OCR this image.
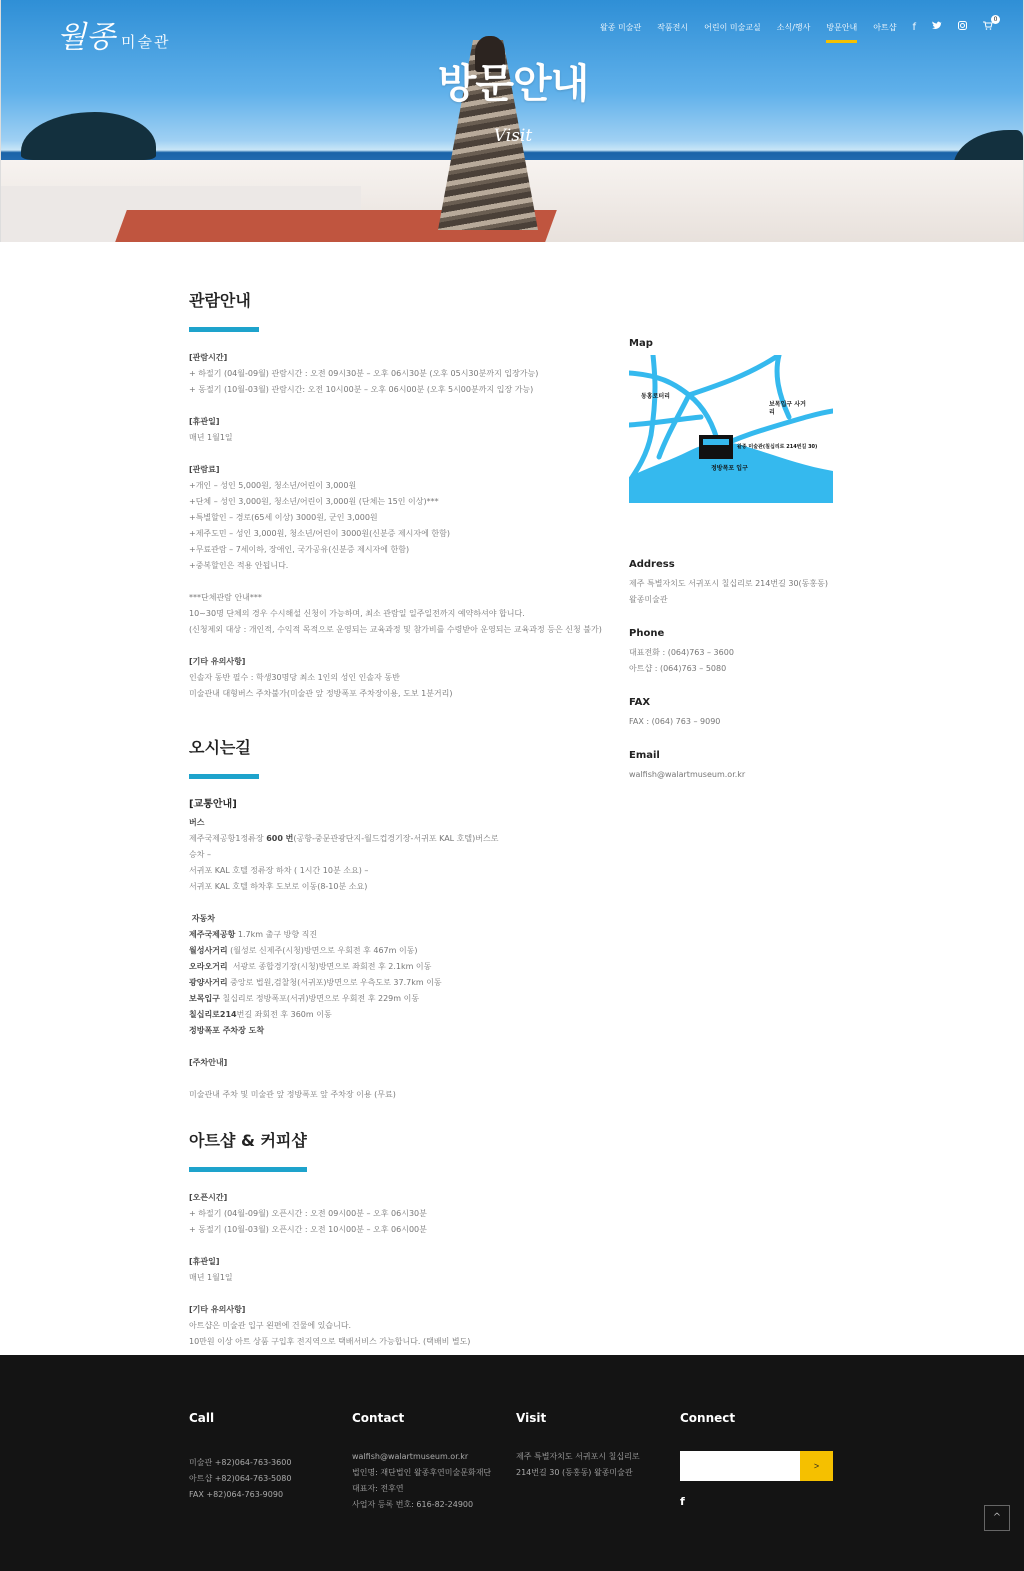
월종 미술관
왈종 미술관 작품전시 어린이 미술교실 소식/행사 방문안내 아트샵 f
0
방문안내
Visit
관람안내
[관람시간]
+ 하절기 (04월-09월) 관람시간 : 오전 09시30분 – 오후 06시30분 (오후 05시30분까지 입장가능)
+ 동절기 (10월-03월) 관람시간: 오전 10시00분 – 오후 06시00분 (오후 5시00분까지 입장 가능)
[휴관일]
매년 1월1일
[관람료]
+개인 – 성인 5,000원, 청소년/어린이 3,000원
+단체 – 성인 3,000원, 청소년/어린이 3,000원 (단체는 15인 이상)***
+특별할인 – 경로(65세 이상) 3000원, 군인 3,000원
+제주도민 – 성인 3,000원, 청소년/어린이 3000원(신분증 제시자에 한함)
+무료관람 – 7세이하, 장애인, 국가공유(신분증 제시자에 한함)
+중복할인은 적용 안됩니다.
***단체관람 안내***
10~30명 단체의 경우 수시해설 신청이 가능하며, 최소 관람일 일주일전까지 예약하셔야 합니다.
(신청제외 대상 : 개인적, 수익적 목적으로 운영되는 교육과정 및 참가비를 수령받아 운영되는 교육과정 등은 신청 불가)
[기타 유의사항]
인솔자 동반 필수 : 학생30명당 최소 1인의 성인 인솔자 동반
미술관내 대형버스 주차불가(미술관 앞 정방폭포 주차장이용, 도보 1분거리)
오시는길
[교통안내]
버스
제주국제공항1정류장 600 번(공항-중문관광단지-월드컵경기장-서귀포 KAL 호텔)버스로
승차 –
서귀포 KAL 호텔 정류장 하차 ( 1시간 10분 소요) –
서귀포 KAL 호텔 하차후 도보로 이동(8-10분 소요)
자동차
제주국제공항 1.7km 출구 방향 직진
월성사거리 (월성로 신제주(시청)방면으로 우회전 후 467m 이동)
오라오거리  서광로 종합경기장(시청)방면으로 좌회전 후 2.1km 이동
광양사거리 중앙로 법원,검찰청(서귀포)방면으로 우측도로 37.7km 이동
보목입구 칠십리로 정방폭포(서귀)방면으로 우회전 후 229m 이동
칠십리로214번길 좌회전 후 360m 이동
정방폭포 주차장 도착
[주차안내]
미술관내 주차 및 미술관 앞 정방폭포 앞 주차장 이용 (무료)
아트샵 & 커피샵
[오픈시간]
+ 하절기 (04월-09월) 오픈시간 : 오전 09시00분 – 오후 06시30분
+ 동절기 (10월-03월) 오픈시간 : 오전 10시00분 – 오후 06시00분
[휴관일]
매년 1월1일
[기타 유의사항]
아트샵은 미술관 입구 왼편에 건물에 있습니다.
10만원 이상 아트 상품 구입후 전지역으로 택배서비스 가능합니다. (택배비 별도)
Map
동홍로터리
보목입구 사거리
왈종 미술관(칠십리로 214번길 30)
정방폭포 입구
Address
제주 특별자치도 서귀포시 칠십리로 214번길 30(동홍동)
왈종미술관
Phone
대표전화 : (064)763 – 3600
아트샵 : (064)763 – 5080
FAX
FAX : (064) 763 – 9090
Email
walfish@walartmuseum.or.kr
Call
미술관 +82)064-763-3600
아트샵 +82)064-763-5080
FAX +82)064-763-9090
Contact
walfish@walartmuseum.or.kr
법인명: 재단법인 왈종후연미술문화재단
대표자: 전후연
사업자 등록 번호: 616-82-24900
Visit
제주 특별자치도 서귀포시 칠십리로
214번길 30 (동홍동) 왈종미술관
Connect
>
f
^
